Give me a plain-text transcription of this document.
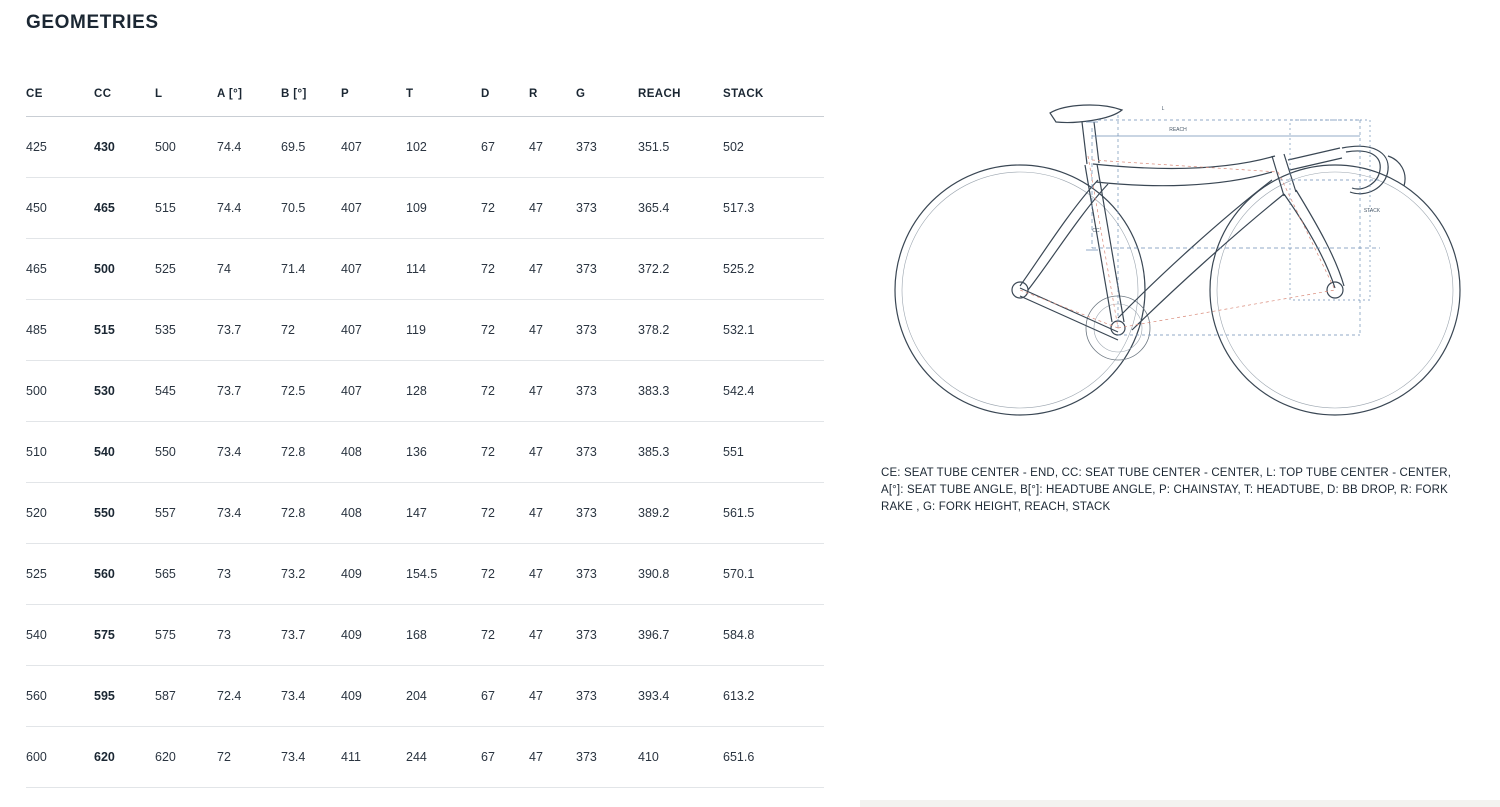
GEOMETRIES
CE	CC	L	A [°]	B [°]	P	T	D	R	G	REACH	STACK
425	430	500	74.4	69.5	407	102	67	47	373	351.5	502
450	465	515	74.4	70.5	407	109	72	47	373	365.4	517.3
465	500	525	74	71.4	407	114	72	47	373	372.2	525.2
485	515	535	73.7	72	407	119	72	47	373	378.2	532.1
500	530	545	73.7	72.5	407	128	72	47	373	383.3	542.4
510	540	550	73.4	72.8	408	136	72	47	373	385.3	551
520	550	557	73.4	72.8	408	147	72	47	373	389.2	561.5
525	560	565	73	73.2	409	154.5	72	47	373	390.8	570.1
540	575	575	73	73.7	409	168	72	47	373	396.7	584.8
560	595	587	72.4	73.4	409	204	67	47	373	393.4	613.2
600	620	620	72	73.4	411	244	67	47	373	410	651.6
REACH
L
STACK
CC
CE: SEAT TUBE CENTER - END, CC: SEAT TUBE CENTER - CENTER, L: TOP TUBE CENTER - CENTER, A[°]: SEAT TUBE ANGLE, B[°]: HEADTUBE ANGLE, P: CHAINSTAY, T: HEADTUBE, D: BB DROP, R: FORK RAKE , G: FORK HEIGHT, REACH, STACK
